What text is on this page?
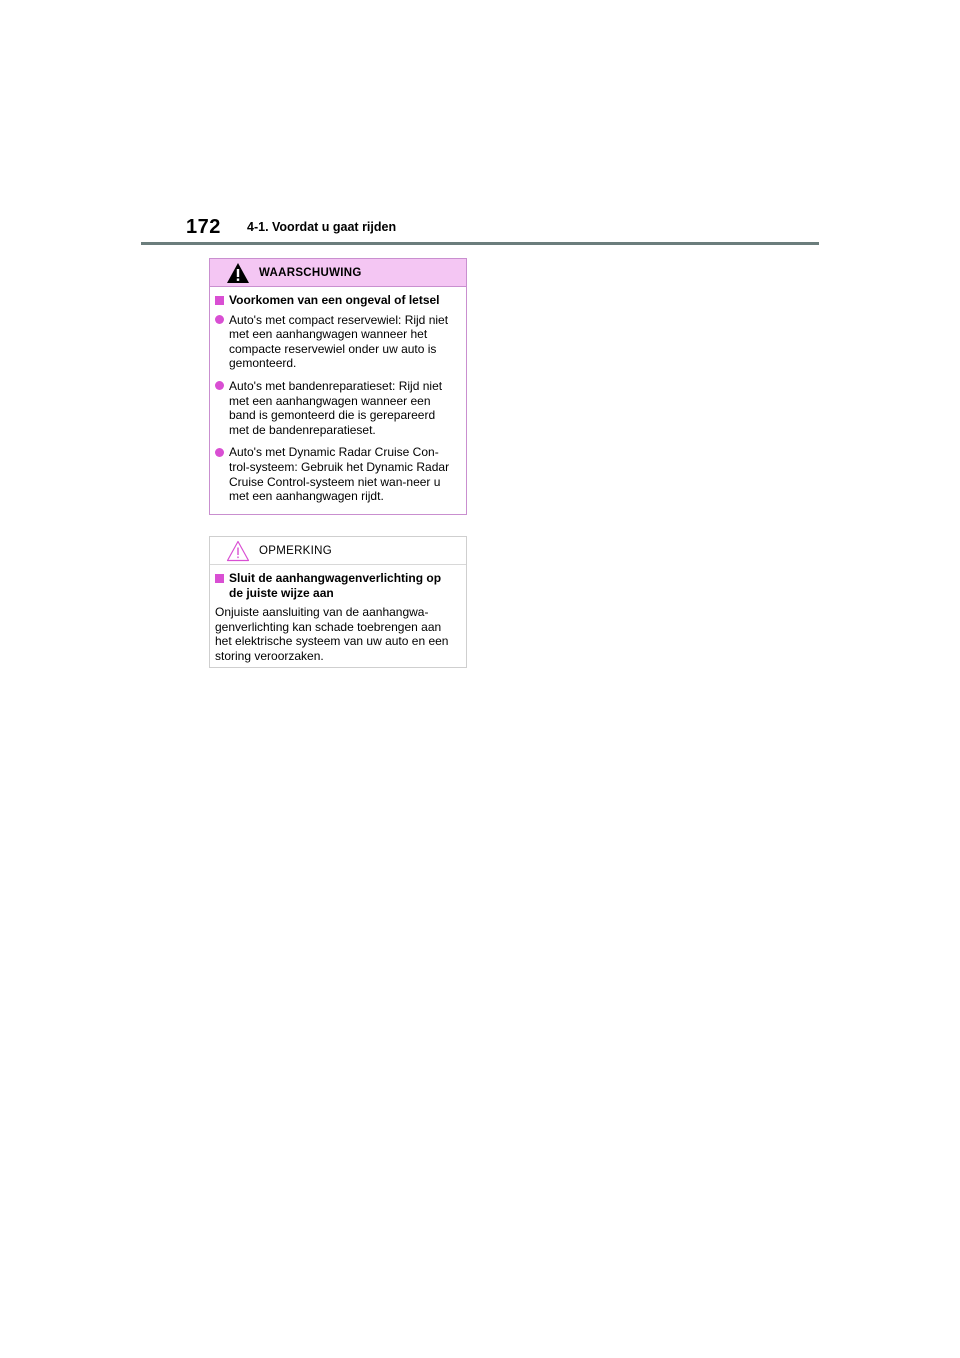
172 4-1. Voordat u gaat rijden
WAARSCHUWING
Voorkomen van een ongeval of letsel
Auto's met compact reservewiel: Rijd niet met een aanhangwagen wanneer het compacte reservewiel onder uw auto is gemonteerd.
Auto's met bandenreparatieset: Rijd niet met een aanhangwagen wanneer een band is gemonteerd die is gerepareerd met de bandenreparatieset.
Auto's met Dynamic Radar Cruise Con-trol-systeem: Gebruik het Dynamic Radar Cruise Control-systeem niet wan-neer u met een aanhangwagen rijdt.
OPMERKING
Sluit de aanhangwagenverlichting op de juiste wijze aan

Onjuiste aansluiting van de aanhangwa-genverlichting kan schade toebrengen aan het elektrische systeem van uw auto en een storing veroorzaken.
